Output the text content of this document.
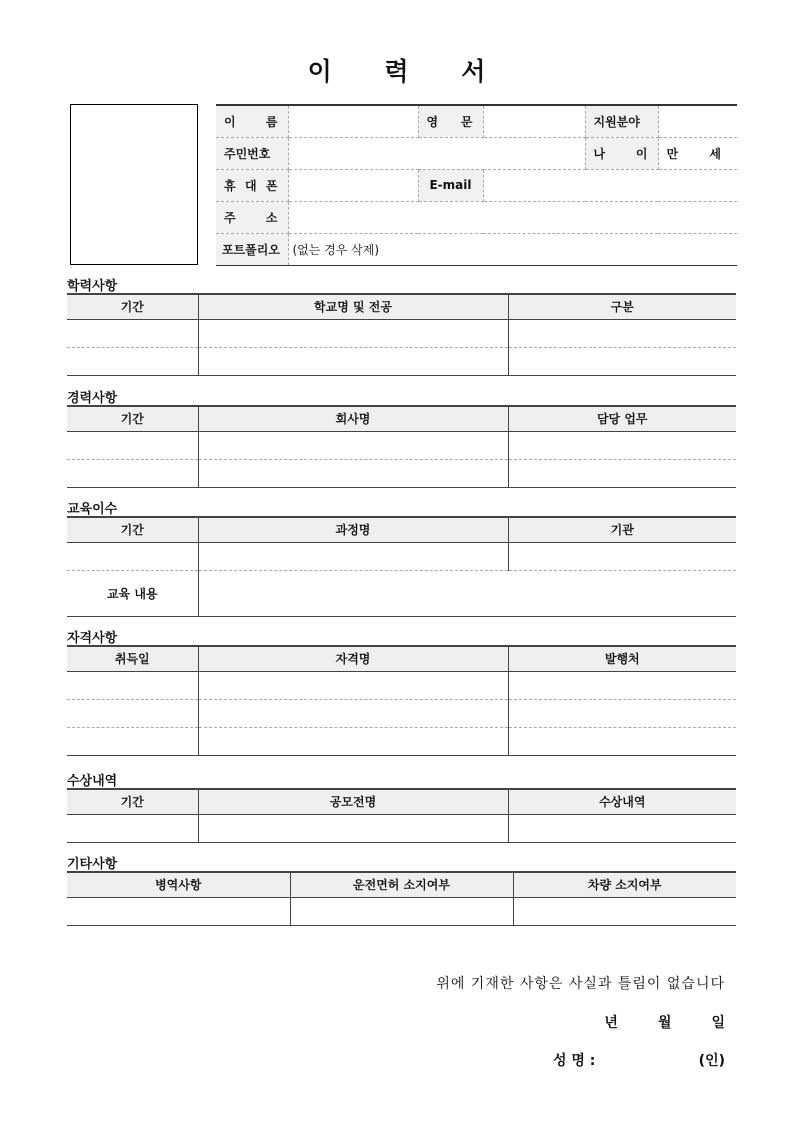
이 력 서
이 름		영 문		지원분야	
주민번호				나 이	만 세
휴 대 폰		E-mail			
주 소					
포트폴리오	(없는 경우 삭제)				
학력사항
기간	학교명 및 전공	구분

경력사항
기간	회사명	담당 업무

교육이수
기간	과정명	기관

교육 내용		
자격사항
취득일	자격명	발행처

수상내역
기간	공모전명	수상내역

기타사항
병역사항	운전면허 소지여부	차량 소지여부

위에 기재한 사항은 사실과 틀림이 없습니다
년	월	일
성 명 :	(인)
